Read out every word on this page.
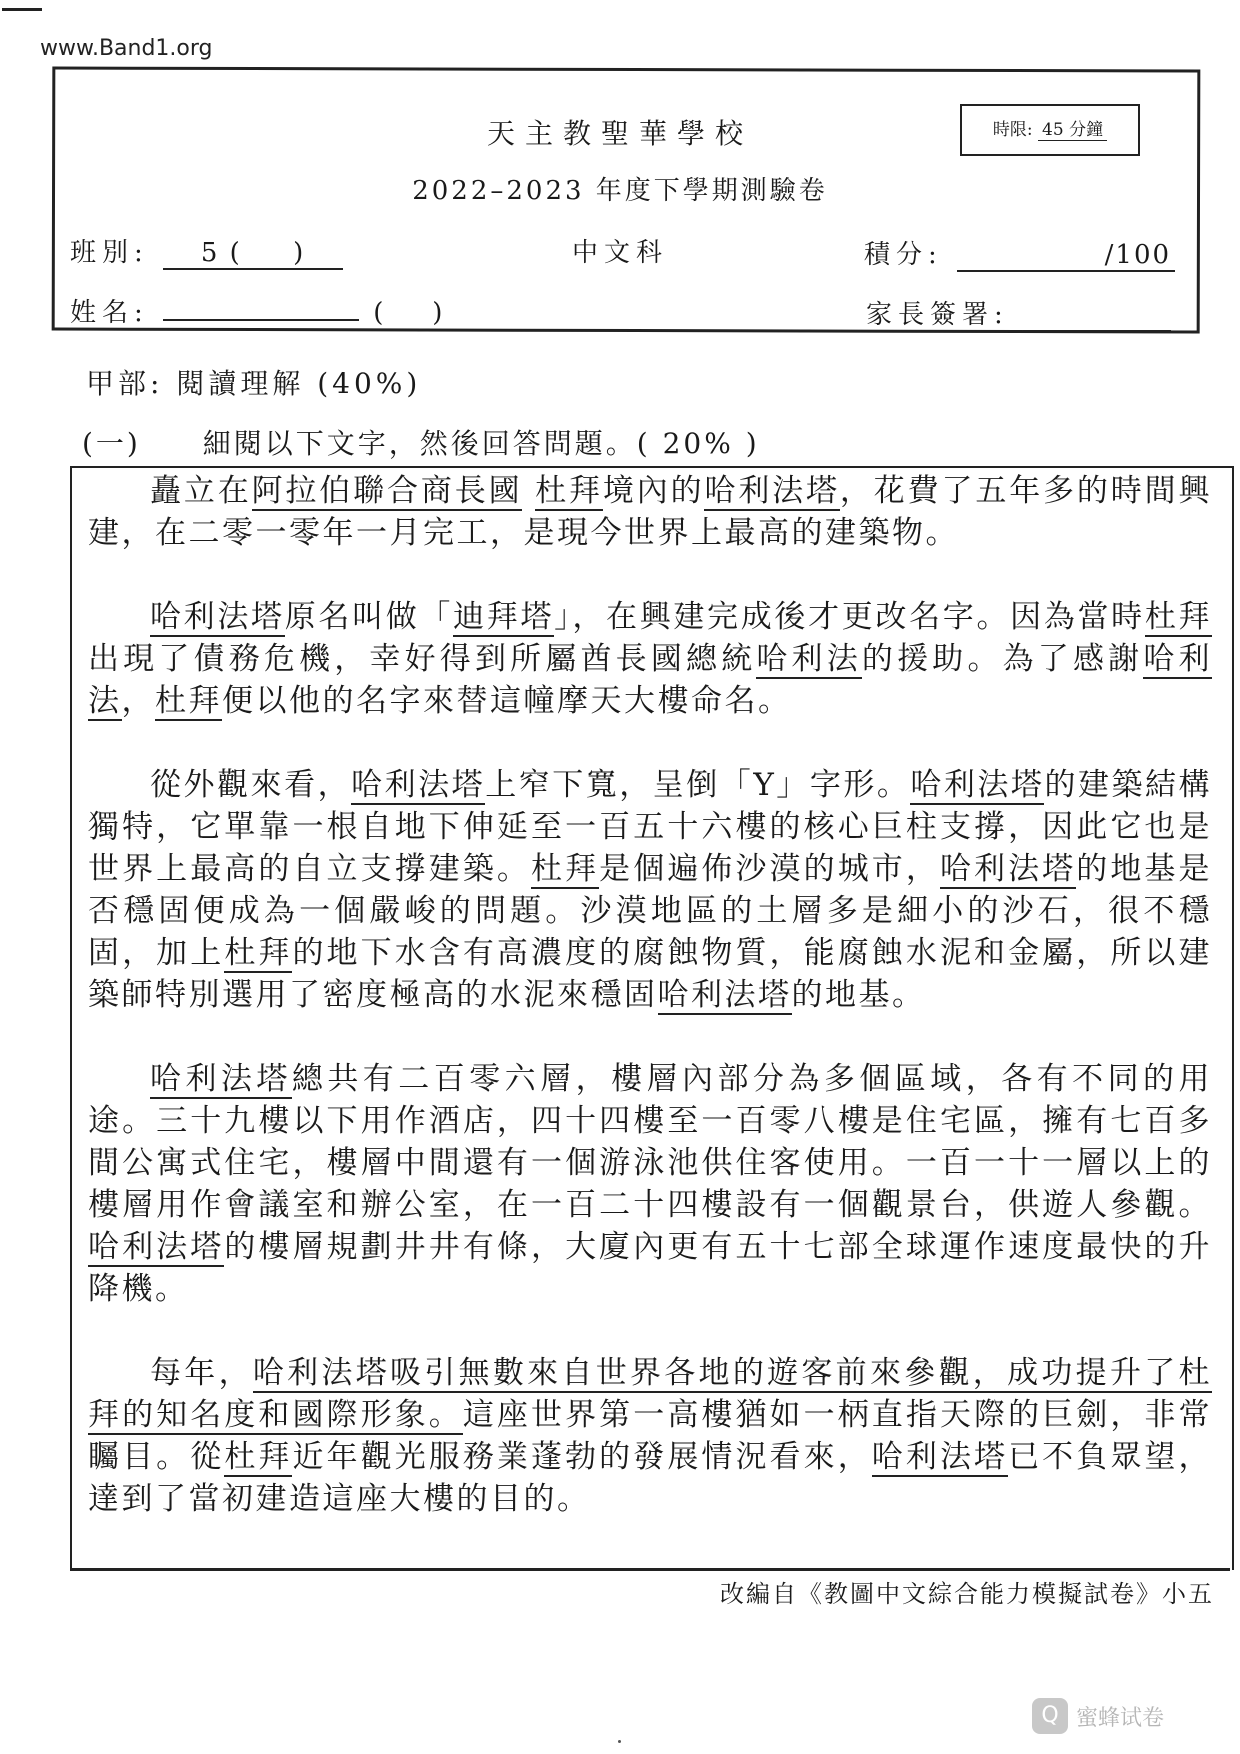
www.Band1.org
天主教聖華學校
2022–2023 年度下學期測驗卷
時限: 45 分鐘
班別: 5 (     )	中文科	積分:	/100
姓名:	(   )	家長簽署:
甲部: 閱讀理解 (40%)
(一) 細閱以下文字，然後回答問題。( 20% )

矗立在阿拉伯聯合商長國 杜拜境內的哈利法塔，花費了五年多的時間興建，在二零一零年一月完工，是現今世界上最高的建築物。

哈利法塔原名叫做「迪拜塔」，在興建完成後才更改名字。因為當時杜拜出現了債務危機，幸好得到所屬酋長國總統哈利法的援助。為了感謝哈利法，杜拜便以他的名字來替這幢摩天大樓命名。

從外觀來看，哈利法塔上窄下寬，呈倒「Y」字形。哈利法塔的建築結構獨特，它單靠一根自地下伸延至一百五十六樓的核心巨柱支撐，因此它也是世界上最高的自立支撐建築。杜拜是個遍佈沙漠的城市，哈利法塔的地基是否穩固便成為一個嚴峻的問題。沙漠地區的土層多是細小的沙石，很不穩固，加上杜拜的地下水含有高濃度的腐蝕物質，能腐蝕水泥和金屬，所以建築師特別選用了密度極高的水泥來穩固哈利法塔的地基。

哈利法塔總共有二百零六層，樓層內部分為多個區域，各有不同的用途。三十九樓以下用作酒店，四十四樓至一百零八樓是住宅區，擁有七百多間公寓式住宅，樓層中間還有一個游泳池供住客使用。一百一十一層以上的樓層用作會議室和辦公室，在一百二十四樓設有一個觀景台，供遊人參觀。哈利法塔的樓層規劃井井有條，大廈內更有五十七部全球運作速度最快的升降機。

每年，哈利法塔吸引無數來自世界各地的遊客前來參觀，成功提升了杜拜的知名度和國際形象。這座世界第一高樓猶如一柄直指天際的巨劍，非常矚目。從杜拜近年觀光服務業蓬勃的發展情況看來，哈利法塔已不負眾望，達到了當初建造這座大樓的目的。

改編自《教圖中文綜合能力模擬試卷》小五
Q 蜜蜂试卷
